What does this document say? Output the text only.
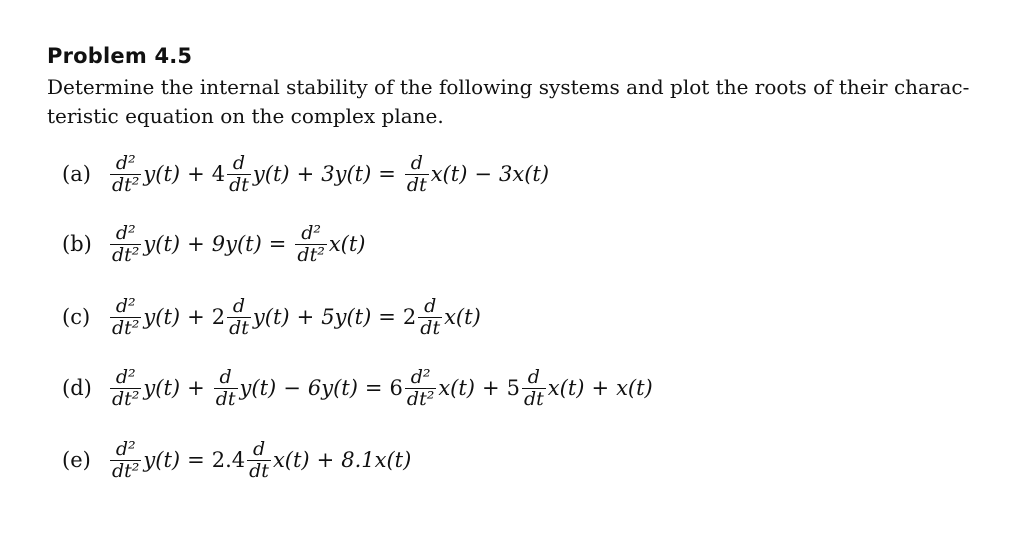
Problem 4.5
Determine the internal stability of the following systems and plot the roots of their charac-
teristic equation on the complex plane.
(a)	$\frac{\text{d²}}{\text{dt²}} y(t) + 4 \frac{d}{dt} y(t) + 3y(t) = \frac{d}{dt} x(t) - 3x(t)$
$(b) \frac{\text{d²}}{\text{dt²}} y(t) + 9y(t) = \frac{\text{d²}}{\text{dt²}} x(t)$
(c)	$\frac{\text{d²}}{\text{dt²}} y(t) + 2 \frac{d}{dt} y(t) + 5y(t) = 2 \frac{d}{dt} x(t)$
$(d) \frac{\text{d²}}{\text{dt²}} y(t) + \frac{d}{dt} y(t) - 6y(t) = 6 \frac{\text{d²}}{\text{dt²}} x(t) + 5 \frac{d}{dt} x(t) + x(t)$
(e)	$\frac{\text{d²}}{\text{dt²}} y(t) = 2.4 \frac{d}{dt} x(t) + 8.1x(t)$
